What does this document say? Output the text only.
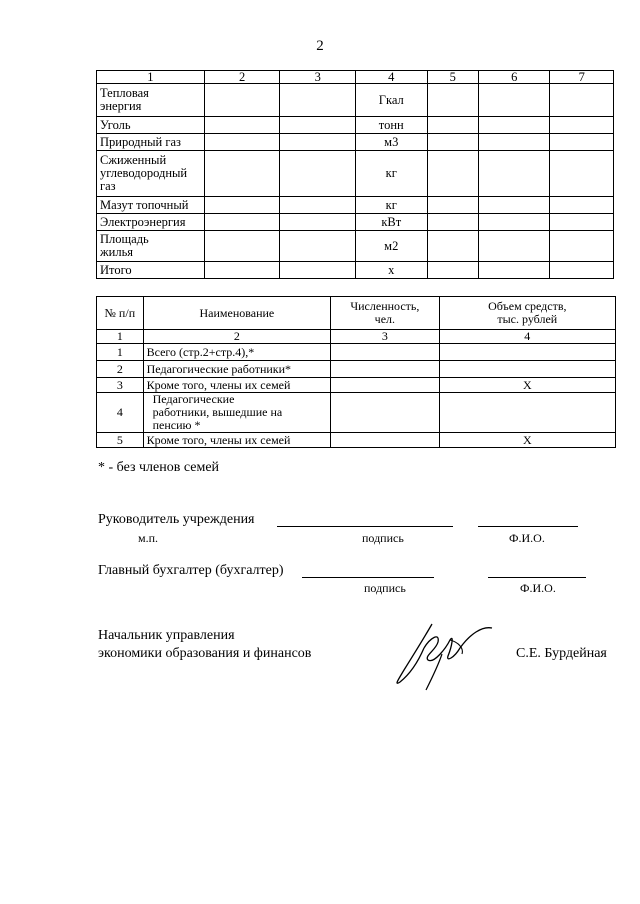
2
1	2	3	4	5	6	7

Тепловая энергия			Гкал			
Уголь			тонн			
Природный газ			м3			

Сжиженный углеводородный газ			кг			
Мазут топочный			кг			
Электроэнергия			кВт			

Площадь жилья			м2			
Итого			х			
№ п/п	Наименование	Численность, чел.	Объем средств, тыс. рублей
1	2	3	4
1	Всего (стр.2+стр.4),*		
2	Педагогические работники*		
3	Кроме того, члены их семей		Х
4	Педагогические работники, вышедшие на пенсию *		

5	Кроме того, члены их семей		Х
* - без членов семей
Руководитель учреждения
м.п.	подпись	Ф.И.О.
Главный бухгалтер (бухгалтер)
подпись	Ф.И.О.
Начальник управления
экономики образования и финансов	С.Е. Бурдейная
